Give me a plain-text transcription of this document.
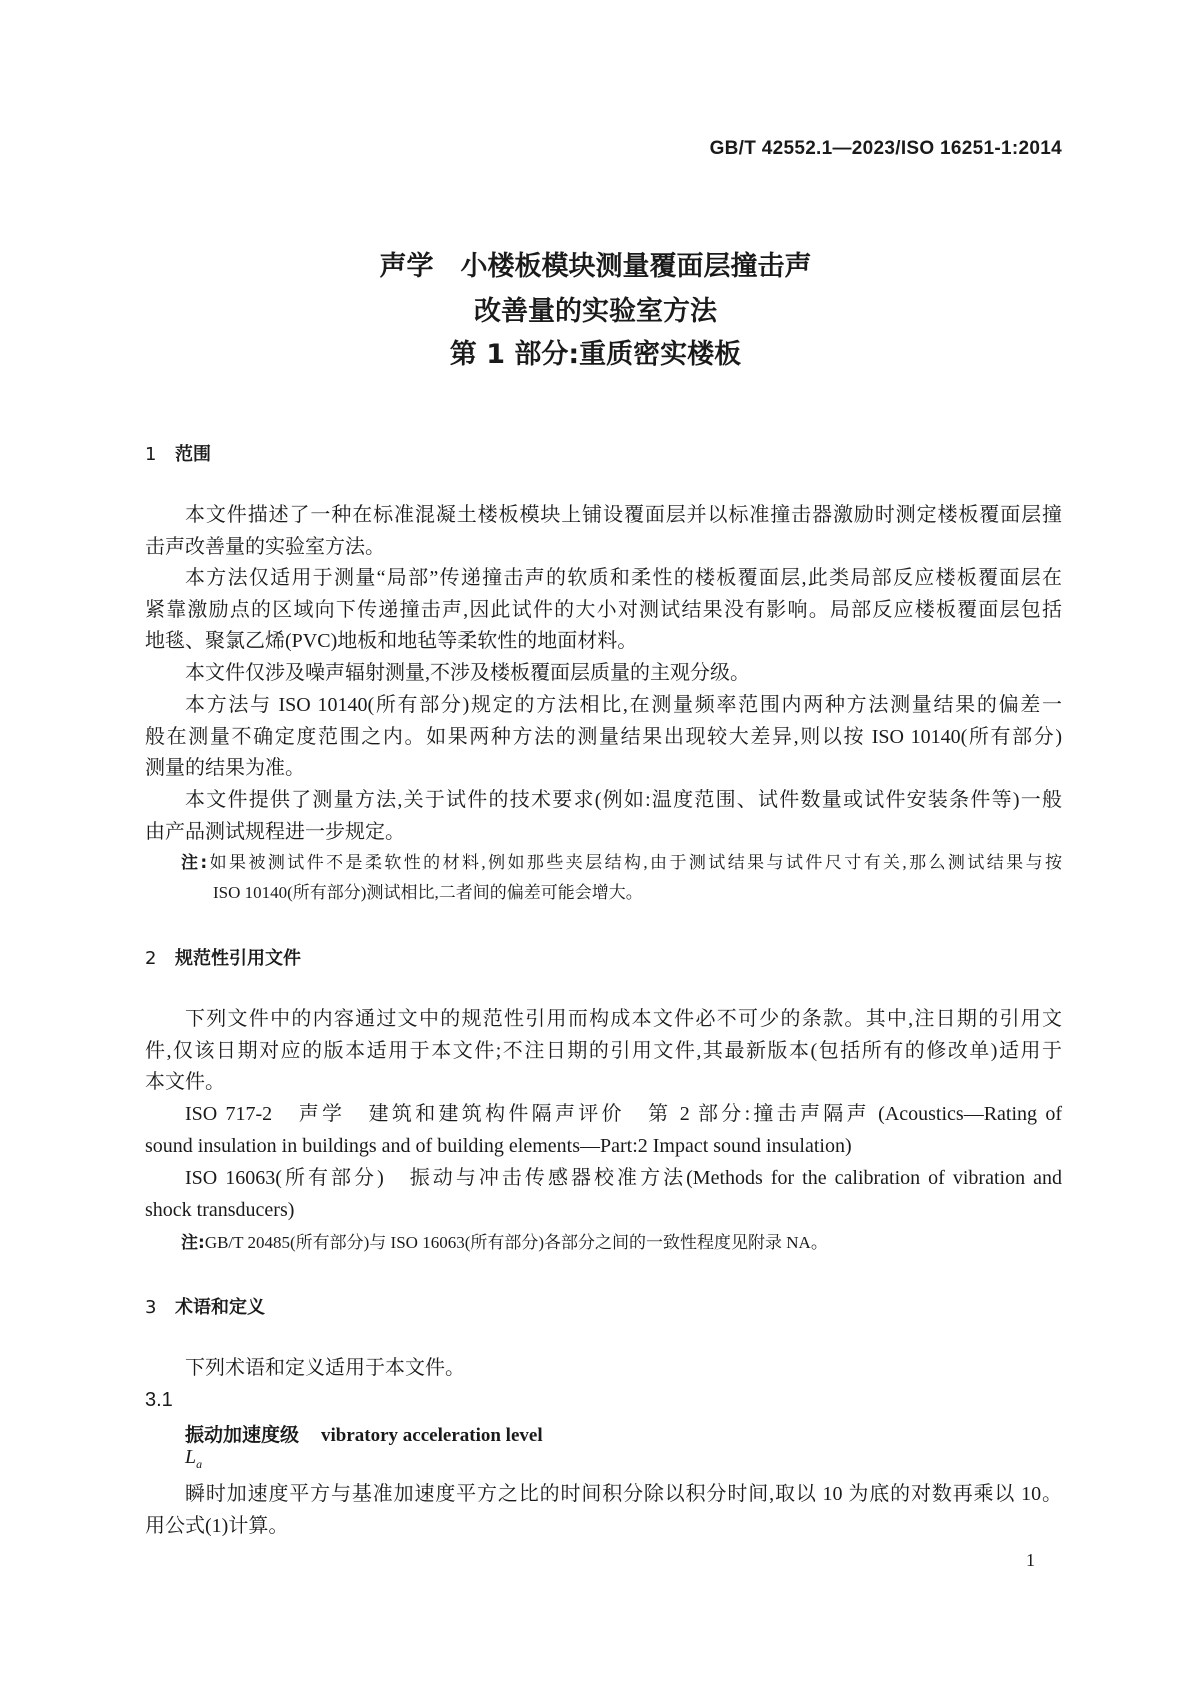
GB/T 42552.1—2023/ISO 16251-1:2014
声学　小楼板模块测量覆面层撞击声
改善量的实验室方法
第 1 部分:重质密实楼板
1 范围
本文件描述了一种在标准混凝土楼板模块上铺设覆面层并以标准撞击器激励时测定楼板覆面层撞
击声改善量的实验室方法。
本方法仅适用于测量“局部”传递撞击声的软质和柔性的楼板覆面层,此类局部反应楼板覆面层在
紧靠激励点的区域向下传递撞击声,因此试件的大小对测试结果没有影响。局部反应楼板覆面层包括
地毯、聚氯乙烯(PVC)地板和地毡等柔软性的地面材料。
本文件仅涉及噪声辐射测量,不涉及楼板覆面层质量的主观分级。
本方法与 ISO 10140(所有部分)规定的方法相比,在测量频率范围内两种方法测量结果的偏差一
般在测量不确定度范围之内。如果两种方法的测量结果出现较大差异,则以按 ISO 10140(所有部分)
测量的结果为准。
本文件提供了测量方法,关于试件的技术要求(例如:温度范围、试件数量或试件安装条件等)一般
由产品测试规程进一步规定。
注:如果被测试件不是柔软性的材料,例如那些夹层结构,由于测试结果与试件尺寸有关,那么测试结果与按
ISO 10140(所有部分)测试相比,二者间的偏差可能会增大。
2 规范性引用文件
下列文件中的内容通过文中的规范性引用而构成本文件必不可少的条款。其中,注日期的引用文
件,仅该日期对应的版本适用于本文件;不注日期的引用文件,其最新版本(包括所有的修改单)适用于
本文件。
ISO 717-2　声学　建筑和建筑构件隔声评价　第 2 部分:撞击声隔声 (Acoustics—Rating of
sound insulation in buildings and of building elements—Part:2 Impact sound insulation)
ISO 16063(所有部分)　振动与冲击传感器校准方法(Methods for the calibration of vibration and
shock transducers)
注:GB/T 20485(所有部分)与 ISO 16063(所有部分)各部分之间的一致性程度见附录 NA。
3 术语和定义
下列术语和定义适用于本文件。
3.1
振动加速度级 vibratory acceleration level
$L_a$
瞬时加速度平方与基准加速度平方之比的时间积分除以积分时间,取以 10 为底的对数再乘以 10。
用公式(1)计算。
1
